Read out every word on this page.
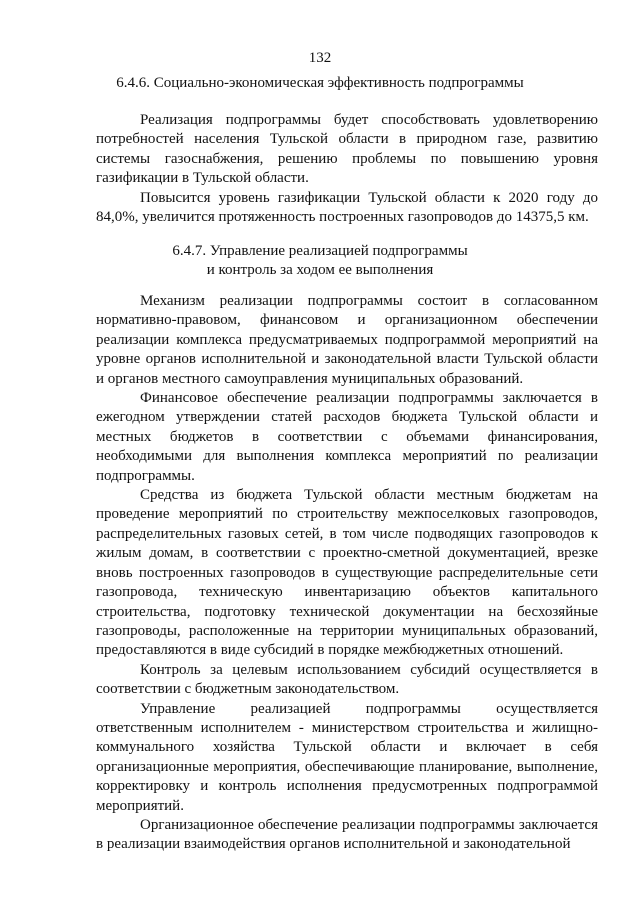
132
6.4.6. Социально-экономическая эффективность подпрограммы

Реализация подпрограммы будет способствовать удовлетворению потребностей населения Тульской области в природном газе, развитию системы газоснабжения, решению проблемы по повышению уровня газификации в Тульской области.

Повысится уровень газификации Тульской области к 2020 году до 84,0%, увеличится протяженность построенных газопроводов до 14375,5 км.

6.4.7. Управление реализацией подпрограммы
и контроль за ходом ее выполнения

Механизм реализации подпрограммы состоит в согласованном нормативно-правовом, финансовом и организационном обеспечении реализации комплекса предусматриваемых подпрограммой мероприятий на уровне органов исполнительной и законодательной власти Тульской области и органов местного самоуправления муниципальных образований.

Финансовое обеспечение реализации подпрограммы заключается в ежегодном утверждении статей расходов бюджета Тульской области и местных бюджетов в соответствии с объемами финансирования, необходимыми для выполнения комплекса мероприятий по реализации подпрограммы.

Средства из бюджета Тульской области местным бюджетам на проведение мероприятий по строительству межпоселковых газопроводов, распределительных газовых сетей, в том числе подводящих газопроводов к жилым домам, в соответствии с проектно-сметной документацией, врезке вновь построенных газопроводов в существующие распределительные сети газопровода, техническую инвентаризацию объектов капитального строительства, подготовку технической документации на бесхозяйные газопроводы, расположенные на территории муниципальных образований, предоставляются в виде субсидий в порядке межбюджетных отношений.

Контроль за целевым использованием субсидий осуществляется в соответствии с бюджетным законодательством.

Управление реализацией подпрограммы осуществляется ответственным исполнителем - министерством строительства и жилищно-коммунального хозяйства Тульской области и включает в себя организационные мероприятия, обеспечивающие планирование, выполнение, корректировку и контроль исполнения предусмотренных подпрограммой мероприятий.

Организационное обеспечение реализации подпрограммы заключается в реализации взаимодействия органов исполнительной и законодательной
